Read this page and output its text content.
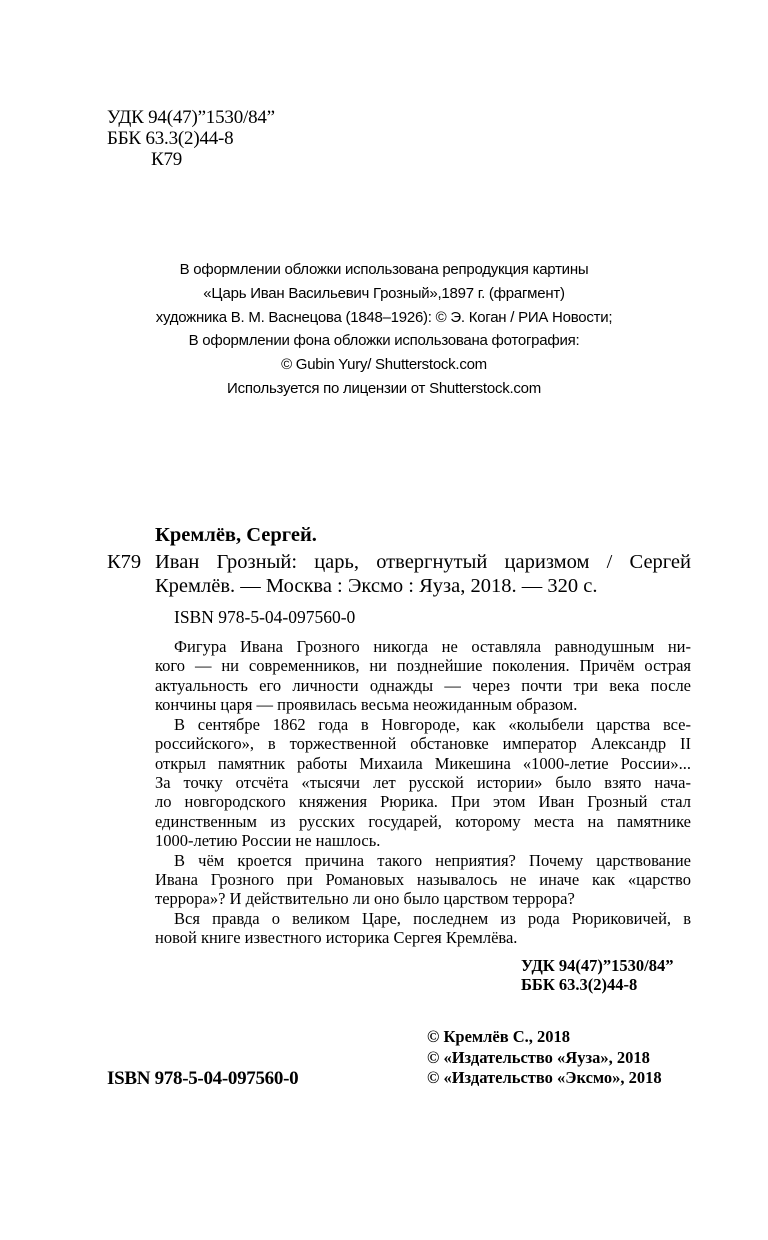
УДК 94(47)”1530/84”
ББК 63.3(2)44-8
К79
В оформлении обложки использована репродукция картины
«Царь Иван Васильевич Грозный»,1897 г. (фрагмент)
художника В. М. Васнецова (1848–1926): © Э. Коган / РИА Новости;
В оформлении фона обложки использована фотография:
© Gubin Yury/ Shutterstock.com
Используется по лицензии от Shutterstock.com
Кремлёв, Сергей.
К79 Иван Грозный: царь, отвергнутый царизмом / Сергей
Кремлёв. — Москва : Эксмо : Яуза, 2018. — 320 с.
ISBN 978-5-04-097560-0
Фигура Ивана Грозного никогда не оставляла равнодушным ни-
кого — ни современников, ни позднейшие поколения. Причём острая
актуальность его личности однажды — через почти три века после
кончины царя — проявилась весьма неожиданным образом.
В сентябре 1862 года в Новгороде, как «колыбели царства все-
российского», в торжественной обстановке император Александр II
открыл памятник работы Михаила Микешина «1000-летие России»...
За точку отсчёта «тысячи лет русской истории» было взято нача-
ло новгородского княжения Рюрика. При этом Иван Грозный стал
единственным из русских государей, которому места на памятнике
1000-летию России не нашлось.
В чём кроется причина такого неприятия? Почему царствование
Ивана Грозного при Романовых называлось не иначе как «царство
террора»? И действительно ли оно было царством террора?
Вся правда о великом Царе, последнем из рода Рюриковичей, в
новой книге известного историка Сергея Кремлёва.
УДК 94(47)”1530/84”
ББК 63.3(2)44-8
ISBN 978-5-04-097560-0
© Кремлёв С., 2018
© «Издательство «Яуза», 2018
© «Издательство «Эксмо», 2018
